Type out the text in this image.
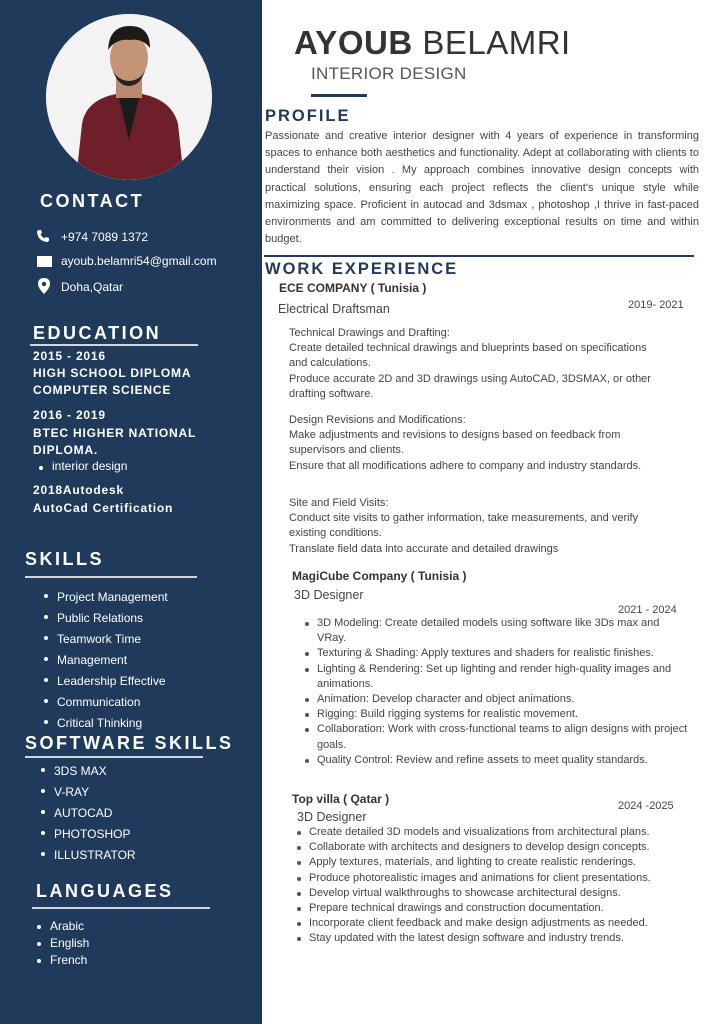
CONTACT
+974 7089 1372
ayoub.belamri54@gmail.com
Doha,Qatar
EDUCATION
2015 - 2016
HIGH SCHOOL DIPLOMA
COMPUTER SCIENCE
2016 - 2019
BTEC HIGHER NATIONAL
DIPLOMA.
interior design
2018Autodesk
AutoCad Certification
SKILLS
Project Management
Public Relations
Teamwork Time
Management
Leadership Effective
Communication
Critical Thinking
SOFTWARE SKILLS
3DS MAX
V-RAY
AUTOCAD
PHOTOSHOP
ILLUSTRATOR
LANGUAGES
Arabic
English
French
AYOUB BELAMRI
INTERIOR DESIGN
PROFILE
Passionate and creative interior designer with 4 years of experience in transforming spaces to enhance both aesthetics and functionality. Adept at collaborating with clients to understand their vision . My approach combines innovative design concepts with practical solutions, ensuring each project reflects the client's unique style while maximizing space. Proficient in autocad and 3dsmax , photoshop ,I thrive in fast-paced environments and am committed to delivering exceptional results on time and within budget.
WORK EXPERIENCE
ECE COMPANY ( Tunisia )
Electrical Draftsman	2019- 2021

Technical Drawings and Drafting:

Create detailed technical drawings and blueprints based on specifications and calculations.

Produce accurate 2D and 3D drawings using AutoCAD, 3DSMAX, or other drafting software.

Design Revisions and Modifications:

Make adjustments and revisions to designs based on feedback from supervisors and clients.

Ensure that all modifications adhere to company and industry standards.

Site and Field Visits:

Conduct site visits to gather information, take measurements, and verify existing conditions.

Translate field data into accurate and detailed drawings

MagiCube Company ( Tunisia )
3D Designer
2021 - 2024
3D Modeling: Create detailed models using software like 3Ds max and VRay.
Texturing & Shading: Apply textures and shaders for realistic finishes.
Lighting & Rendering: Set up lighting and render high-quality images and animations.
Animation: Develop character and object animations.
Rigging: Build rigging systems for realistic movement.
Collaboration: Work with cross-functional teams to align designs with project goals.
Quality Control: Review and refine assets to meet quality standards.
Top villa ( Qatar )	2024 -2025
3D Designer
Create detailed 3D models and visualizations from architectural plans.
Collaborate with architects and designers to develop design concepts.
Apply textures, materials, and lighting to create realistic renderings.
Produce photorealistic images and animations for client presentations.
Develop virtual walkthroughs to showcase architectural designs.
Prepare technical drawings and construction documentation.
Incorporate client feedback and make design adjustments as needed.
Stay updated with the latest design software and industry trends.
